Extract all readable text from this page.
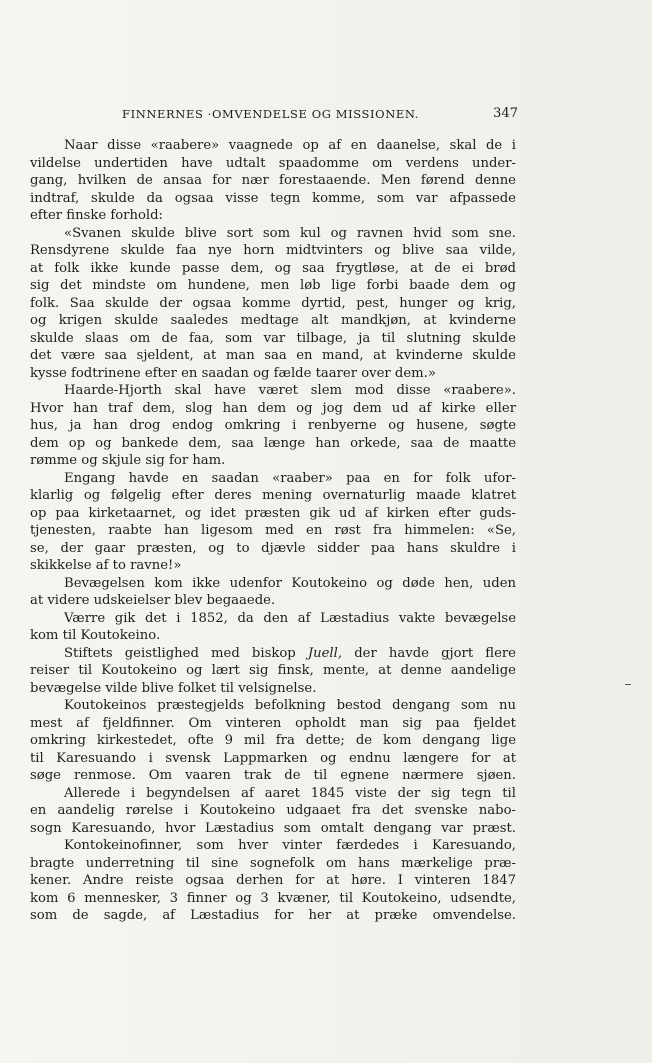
FINNERNES ·OMVENDELSE OG MISSIONEN.	347
Naar disse «raabere» vaagnede op af en daanelse, skal de i
vildelse undertiden have udtalt spaadomme om verdens under-
gang, hvilken de ansaa for nær forestaaende. Men førend denne
indtraf, skulde da ogsaa visse tegn komme, som var afpassede
efter finske forhold:
«Svanen skulde blive sort som kul og ravnen hvid som sne.
Rensdyrene skulde faa nye horn midtvinters og blive saa vilde,
at folk ikke kunde passe dem, og saa frygtløse, at de ei brød
sig det mindste om hundene, men løb lige forbi baade dem og
folk. Saa skulde der ogsaa komme dyrtid, pest, hunger og krig,
og krigen skulde saaledes medtage alt mandkjøn, at kvinderne
skulde slaas om de faa, som var tilbage, ja til slutning skulde
det være saa sjeldent, at man saa en mand, at kvinderne skulde
kysse fodtrinene efter en saadan og fælde taarer over dem.»
Haarde-Hjorth skal have været slem mod disse «raabere».
Hvor han traf dem, slog han dem og jog dem ud af kirke eller
hus, ja han drog endog omkring i renbyerne og husene, søgte
dem op og bankede dem, saa længe han orkede, saa de maatte
rømme og skjule sig for ham.
Engang havde en saadan «raaber» paa en for folk ufor-
klarlig og følgelig efter deres mening overnaturlig maade klatret
op paa kirketaarnet, og idet præsten gik ud af kirken efter guds-
tjenesten, raabte han ligesom med en røst fra himmelen: «Se,
se, der gaar præsten, og to djævle sidder paa hans skuldre i
skikkelse af to ravne!»
Bevægelsen kom ikke udenfor Koutokeino og døde hen, uden
at videre udskeielser blev begaaede.
Værre gik det i 1852, da den af Læstadius vakte bevægelse
kom til Koutokeino.
Stiftets geistlighed med biskop Juell, der havde gjort flere
reiser til Koutokeino og lært sig finsk, mente, at denne aandelige
bevægelse vilde blive folket til velsignelse.
Koutokeinos præstegjelds befolkning bestod dengang som nu
mest af fjeldfinner. Om vinteren opholdt man sig paa fjeldet
omkring kirkestedet, ofte 9 mil fra dette; de kom dengang lige
til Karesuando i svensk Lappmarken og endnu længere for at
søge renmose. Om vaaren trak de til egnene nærmere sjøen.
Allerede i begyndelsen af aaret 1845 viste der sig tegn til
en aandelig rørelse i Koutokeino udgaaet fra det svenske nabo-
sogn Karesuando, hvor Læstadius som omtalt dengang var præst.
Kontokeinofinner, som hver vinter færdedes i Karesuando,
bragte underretning til sine sognefolk om hans mærkelige præ-
kener. Andre reiste ogsaa derhen for at høre. I vinteren 1847
kom 6 mennesker, 3 finner og 3 kvæner, til Koutokeino, udsendte,
som de sagde, af Læstadius for her at præke omvendelse.
